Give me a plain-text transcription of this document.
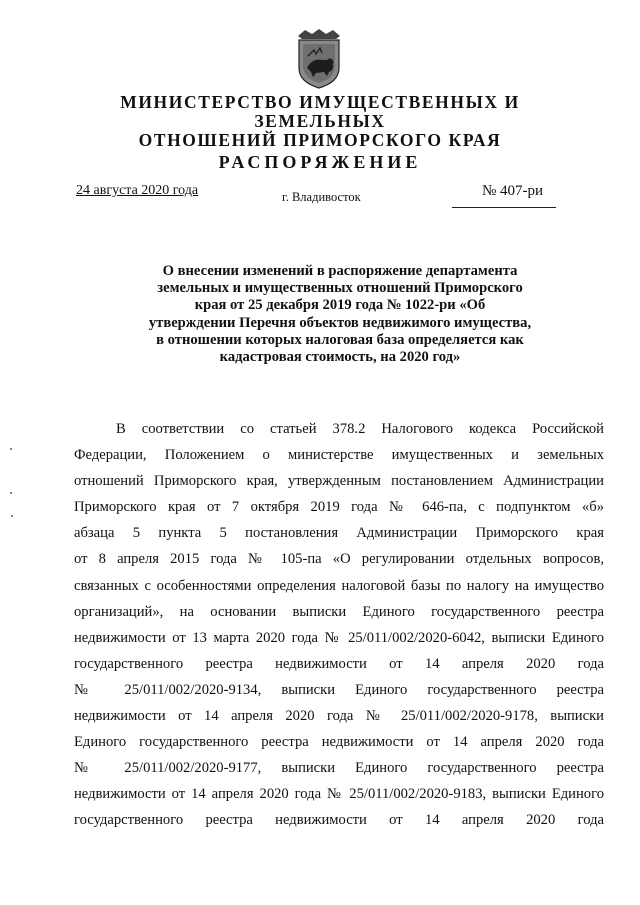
МИНИСТЕРСТВО ИМУЩЕСТВЕННЫХ И ЗЕМЕЛЬНЫХ
ОТНОШЕНИЙ ПРИМОРСКОГО КРАЯ
РАСПОРЯЖЕНИЕ
24 августа 2020 года	г. Владивосток	№ 407-ри
О внесении изменений в распоряжение департамента
земельных и имущественных отношений Приморского
края от 25 декабря 2019 года № 1022-ри «Об
утверждении Перечня объектов недвижимого имущества,
в отношении которых налоговая база определяется как
кадастровая стоимость, на 2020 год»
В соответствии со статьей 378.2 Налогового кодекса Российской
Федерации, Положением о министерстве имущественных и земельных
отношений Приморского края, утвержденным постановлением Администрации
Приморского края от 7 октября 2019 года № 646-па, с подпунктом «б»
абзаца 5 пункта 5 постановления Администрации Приморского края
от 8 апреля 2015 года № 105-па «О регулировании отдельных вопросов,
связанных с особенностями определения налоговой базы по налогу на имущество
организаций», на основании выписки Единого государственного реестра
недвижимости от 13 марта 2020 года № 25/011/002/2020-6042, выписки Единого
государственного реестра недвижимости от 14 апреля 2020 года
№ 25/011/002/2020-9134, выписки Единого государственного реестра
недвижимости от 14 апреля 2020 года № 25/011/002/2020-9178, выписки
Единого государственного реестра недвижимости от 14 апреля 2020 года
№ 25/011/002/2020-9177, выписки Единого государственного реестра
недвижимости от 14 апреля 2020 года № 25/011/002/2020-9183, выписки Единого
государственного реестра недвижимости от 14 апреля 2020 года
